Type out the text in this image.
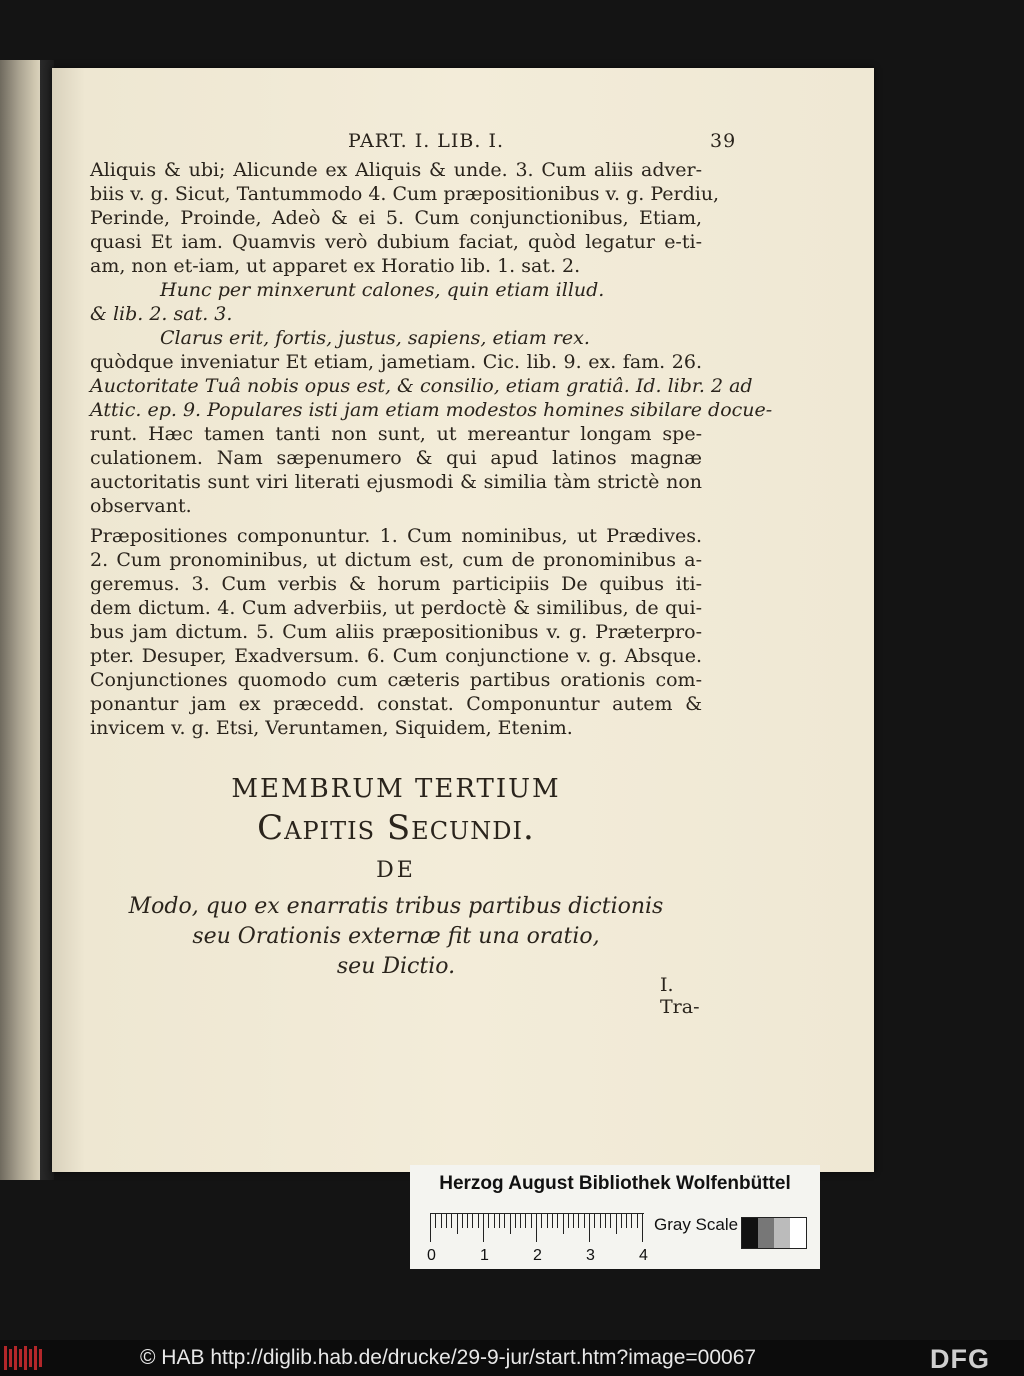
PART. I. LIB. I.	39
Aliquis & ubi; Alicunde ex Aliquis & unde. 3. Cum aliis adver-
biis v. g. Sicut, Tantummodo 4. Cum præpositionibus v. g. Perdiu,
Perinde, Proinde, Adeò & ei 5. Cum conjunctionibus, Etiam,
quasi Et iam. Quamvis verò dubium faciat, quòd legatur e-ti-
am, non et-iam, ut apparet ex Horatio lib. 1. sat. 2.
Hunc per minxerunt calones, quin etiam illud.
& lib. 2. sat. 3.
Clarus erit, fortis, justus, sapiens, etiam rex.
quòdque inveniatur Et etiam, jametiam. Cic. lib. 9. ex. fam. 26.
Auctoritate Tuâ nobis opus est, & consilio, etiam gratiâ. Id. libr. 2 ad
Attic. ep. 9. Populares isti jam etiam modestos homines sibilare docue-
runt. Hæc tamen tanti non sunt, ut mereantur longam spe-
culationem. Nam sæpenumero & qui apud latinos magnæ
auctoritatis sunt viri literati ejusmodi & similia tàm strictè non
observant.
Præpositiones componuntur. 1. Cum nominibus, ut Prædives.
2. Cum pronominibus, ut dictum est, cum de pronominibus a-
geremus. 3. Cum verbis & horum participiis De quibus iti-
dem dictum. 4. Cum adverbiis, ut perdoctè & similibus, de qui-
bus jam dictum. 5. Cum aliis præpositionibus v. g. Præterpro-
pter. Desuper, Exadversum. 6. Cum conjunctione v. g. Absque.
Conjunctiones quomodo cum cæteris partibus orationis com-
ponantur jam ex præcedd. constat. Componuntur autem &
invicem v. g. Etsi, Veruntamen, Siquidem, Etenim.
MEMBRUM TERTIUM
Capitis Secundi.
DE
Modo, quo ex enarratis tribus partibus dictionis
seu Orationis externæ fit una oratio,
seu Dictio.
I. Tra-
Herzog August Bibliothek Wolfenbüttel
0	1	2	3	4
Gray Scale
© HAB http://diglib.hab.de/drucke/29-9-jur/start.htm?image=00067	DFG
